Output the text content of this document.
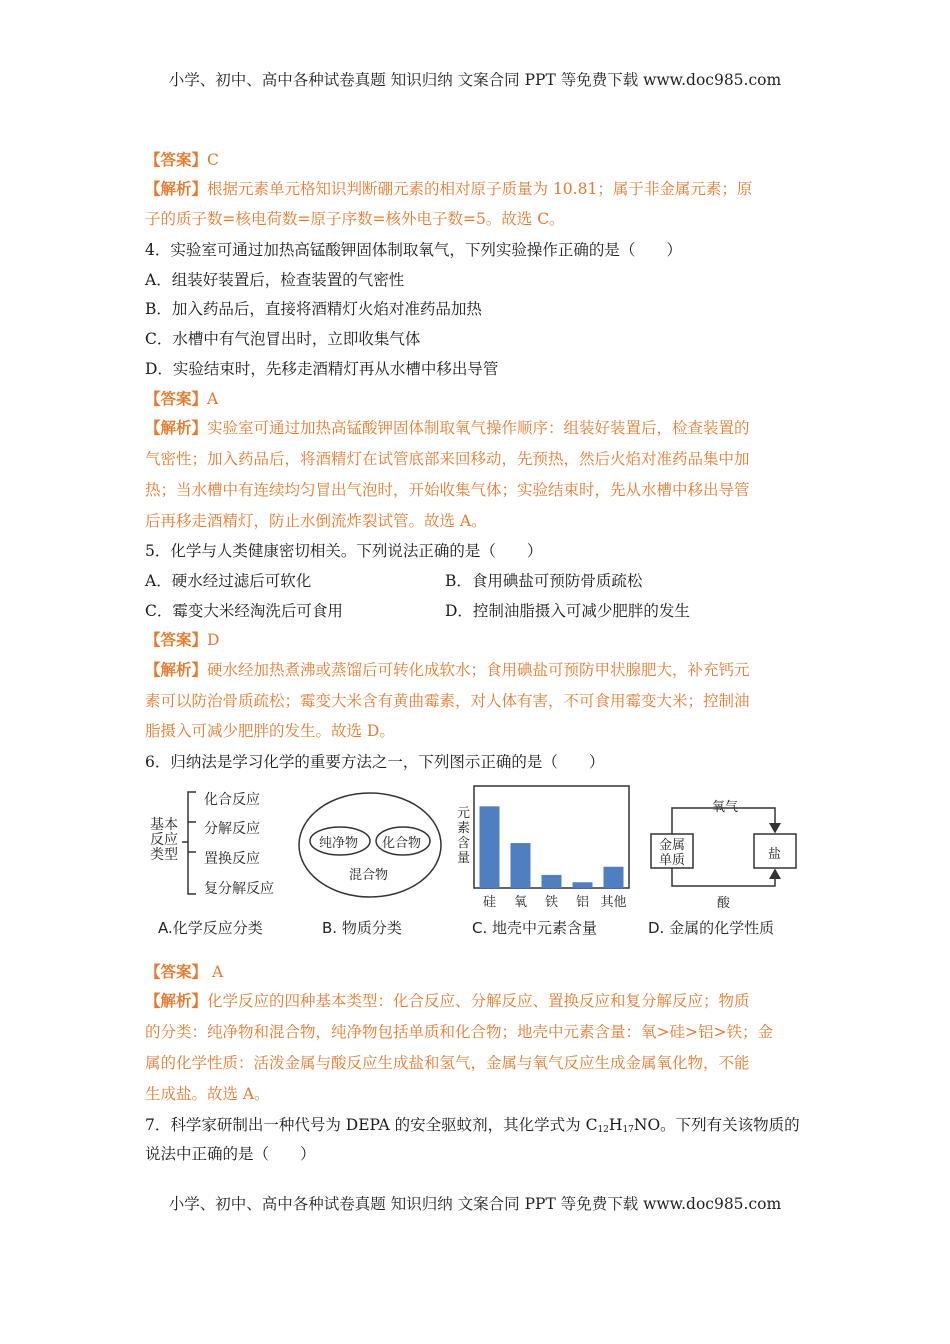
小学、初中、高中各种试卷真题 知识归纳 文案合同 PPT 等免费下载 www.doc985.com
【答案】C
【解析】根据元素单元格知识判断硼元素的相对原子质量为 10.81；属于非金属元素；原
子的质子数=核电荷数=原子序数=核外电子数=5。故选 C。
4．实验室可通过加热高锰酸钾固体制取氧气，下列实验操作正确的是（　　）
A．组装好装置后，检查装置的气密性
B．加入药品后，直接将酒精灯火焰对准药品加热
C．水槽中有气泡冒出时，立即收集气体
D．实验结束时，先移走酒精灯再从水槽中移出导管
【答案】A
【解析】实验室可通过加热高锰酸钾固体制取氧气操作顺序：组装好装置后，检查装置的
气密性；加入药品后，将酒精灯在试管底部来回移动，先预热，然后火焰对准药品集中加
热；当水槽中有连续均匀冒出气泡时，开始收集气体；实验结束时，先从水槽中移出导管
后再移走酒精灯，防止水倒流炸裂试管。故选 A。
5．化学与人类健康密切相关。下列说法正确的是（　　）
A．硬水经过滤后可软化	B．食用碘盐可预防骨质疏松
C．霉变大米经淘洗后可食用	D．控制油脂摄入可减少肥胖的发生
【答案】D
【解析】硬水经加热煮沸或蒸馏后可转化成软水；食用碘盐可预防甲状腺肥大，补充钙元
素可以防治骨质疏松；霉变大米含有黄曲霉素，对人体有害，不可食用霉变大米；控制油
脂摄入可减少肥胖的发生。故选 D。
6．归纳法是学习化学的重要方法之一，下列图示正确的是（　　）
基本
反应
类型
化合反应
分解反应
置换反应
复分解反应
A.化学反应分类
纯净物 化合物
混合物
B. 物质分类
元素含量
硅 氧 铁 铝 其他
C. 地壳中元素含量
氧气
金属
单质	盐
酸
D. 金属的化学性质
【答案】 A
【解析】化学反应的四种基本类型：化合反应、分解反应、置换反应和复分解反应；物质
的分类：纯净物和混合物，纯净物包括单质和化合物；地壳中元素含量：氧>硅>铝>铁；金
属的化学性质：活泼金属与酸反应生成盐和氢气，金属与氧气反应生成金属氧化物，不能
生成盐。故选 A。
7．科学家研制出一种代号为 DEPA 的安全驱蚊剂，其化学式为 $C_{12}H_{17}NO$。下列有关该物质的
说法中正确的是（　　）
小学、初中、高中各种试卷真题 知识归纳 文案合同 PPT 等免费下载 www.doc985.com
